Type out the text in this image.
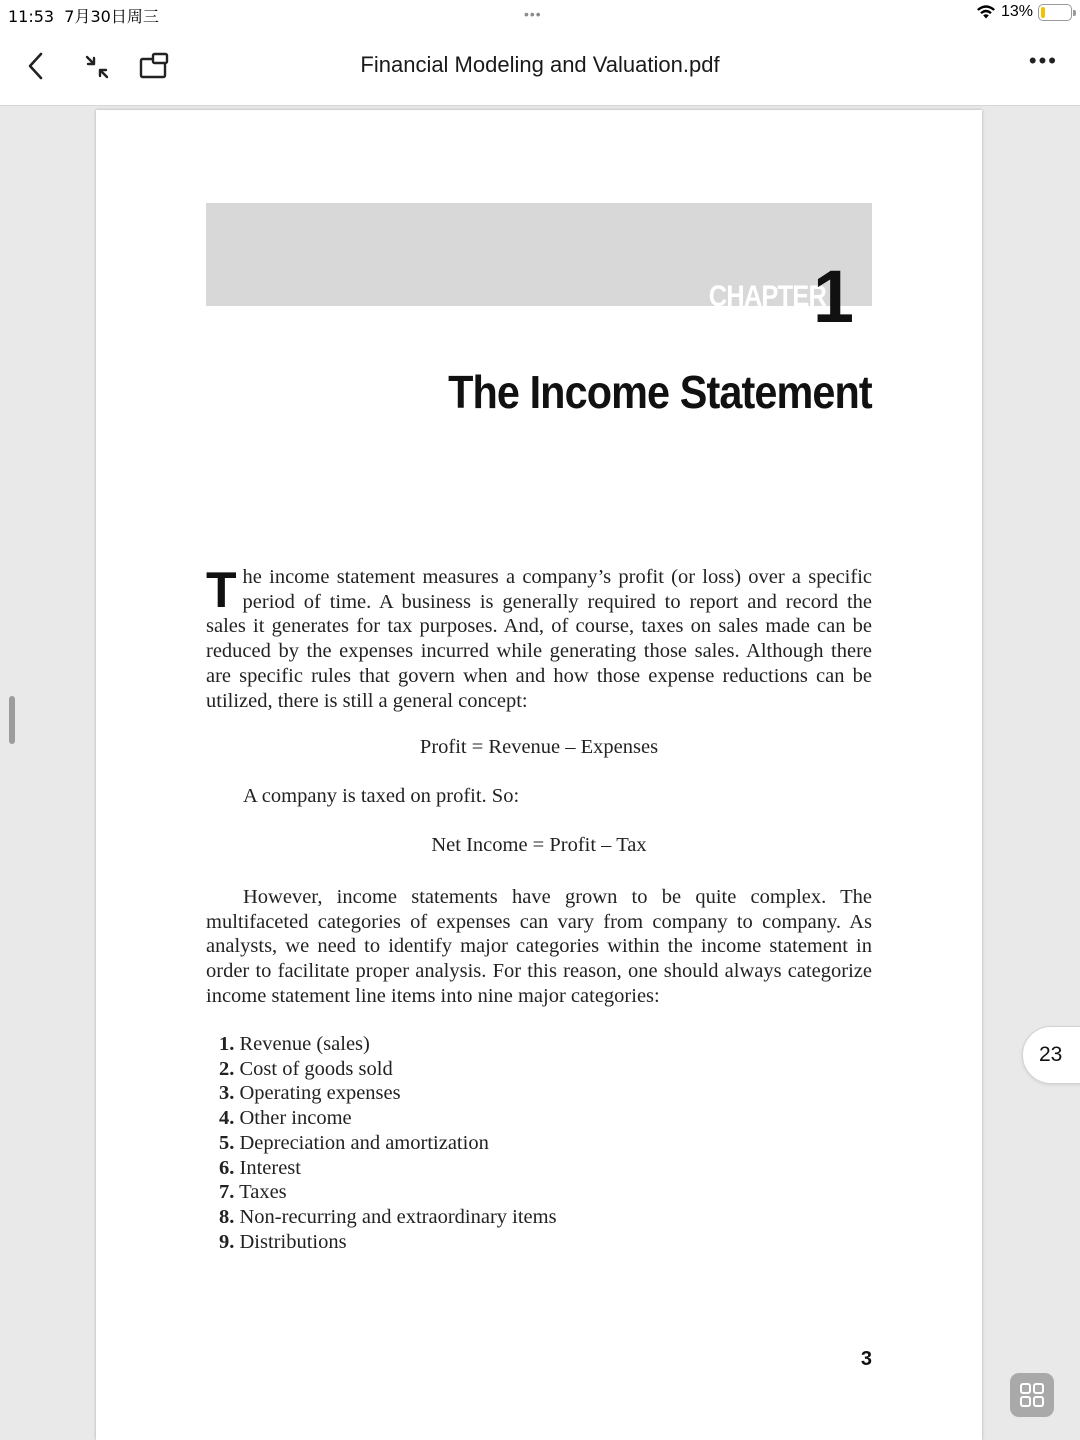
11:53 7月30日周三	•••	13%
Financial Modeling and Valuation.pdf	•••
CHAPTER
1
The Income Statement
The income statement measures a company’s profit (or loss) over a specific period of time. A business is generally required to report and record the sales it generates for tax purposes. And, of course, taxes on sales made can be reduced by the expenses incurred while generating those sales. Although there are specific rules that govern when and how those expense reductions can be utilized, there is still a general concept:
Profit = Revenue – Expenses
A company is taxed on profit. So:
Net Income = Profit – Tax
However, income statements have grown to be quite complex. The multifaceted categories of expenses can vary from company to company. As analysts, we need to identify major categories within the income statement in order to facilitate proper analysis. For this reason, one should always categorize income statement line items into nine major categories:
1. Revenue (sales)
2. Cost of goods sold
3. Operating expenses
4. Other income
5. Depreciation and amortization
6. Interest
7. Taxes
8. Non-recurring and extraordinary items
9. Distributions
3
23
